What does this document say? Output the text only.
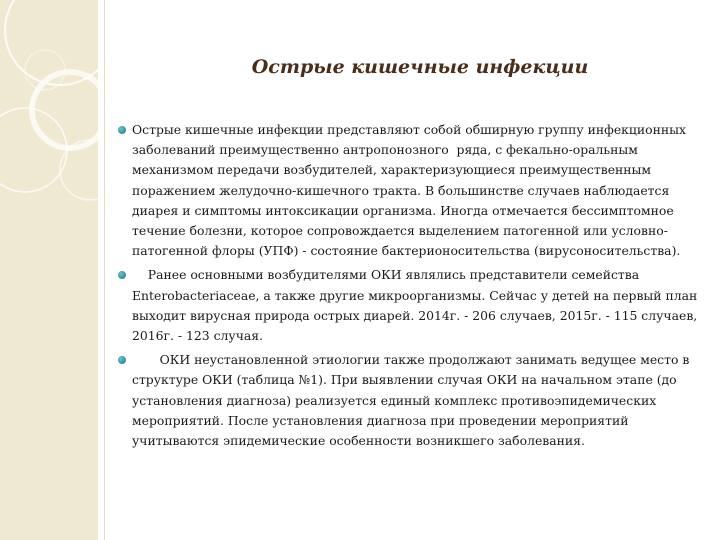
Острые кишечные инфекции
Острые кишечные инфекции представляют собой обширную группу инфекционных заболеваний преимущественно антропонозного  ряда, с фекально-оральным механизмом передачи возбудителей, характеризующиеся преимущественным поражением желудочно-кишечного тракта. В большинстве случаев наблюдается диарея и симптомы интоксикации организма. Иногда отмечается бессимптомное течение болезни, которое сопровождается выделением патогенной или условно-патогенной флоры (УПФ) - состояние бактерионосительства (вирусоносительства).
Ранее основными возбудителями ОКИ являлись представители семейства Enterobacteriaceae, а также другие микроорганизмы. Сейчас у детей на первый план выходит вирусная природа острых диарей. 2014г. - 206 случаев, 2015г. - 115 случаев, 2016г. - 123 случая.
ОКИ неустановленной этиологии также продолжают занимать ведущее место в структуре ОКИ (таблица №1). При выявлении случая ОКИ на начальном этапе (до установления диагноза) реализуется единый комплекс противоэпидемических мероприятий. После установления диагноза при проведении мероприятий учитываются эпидемические особенности возникшего заболевания.
